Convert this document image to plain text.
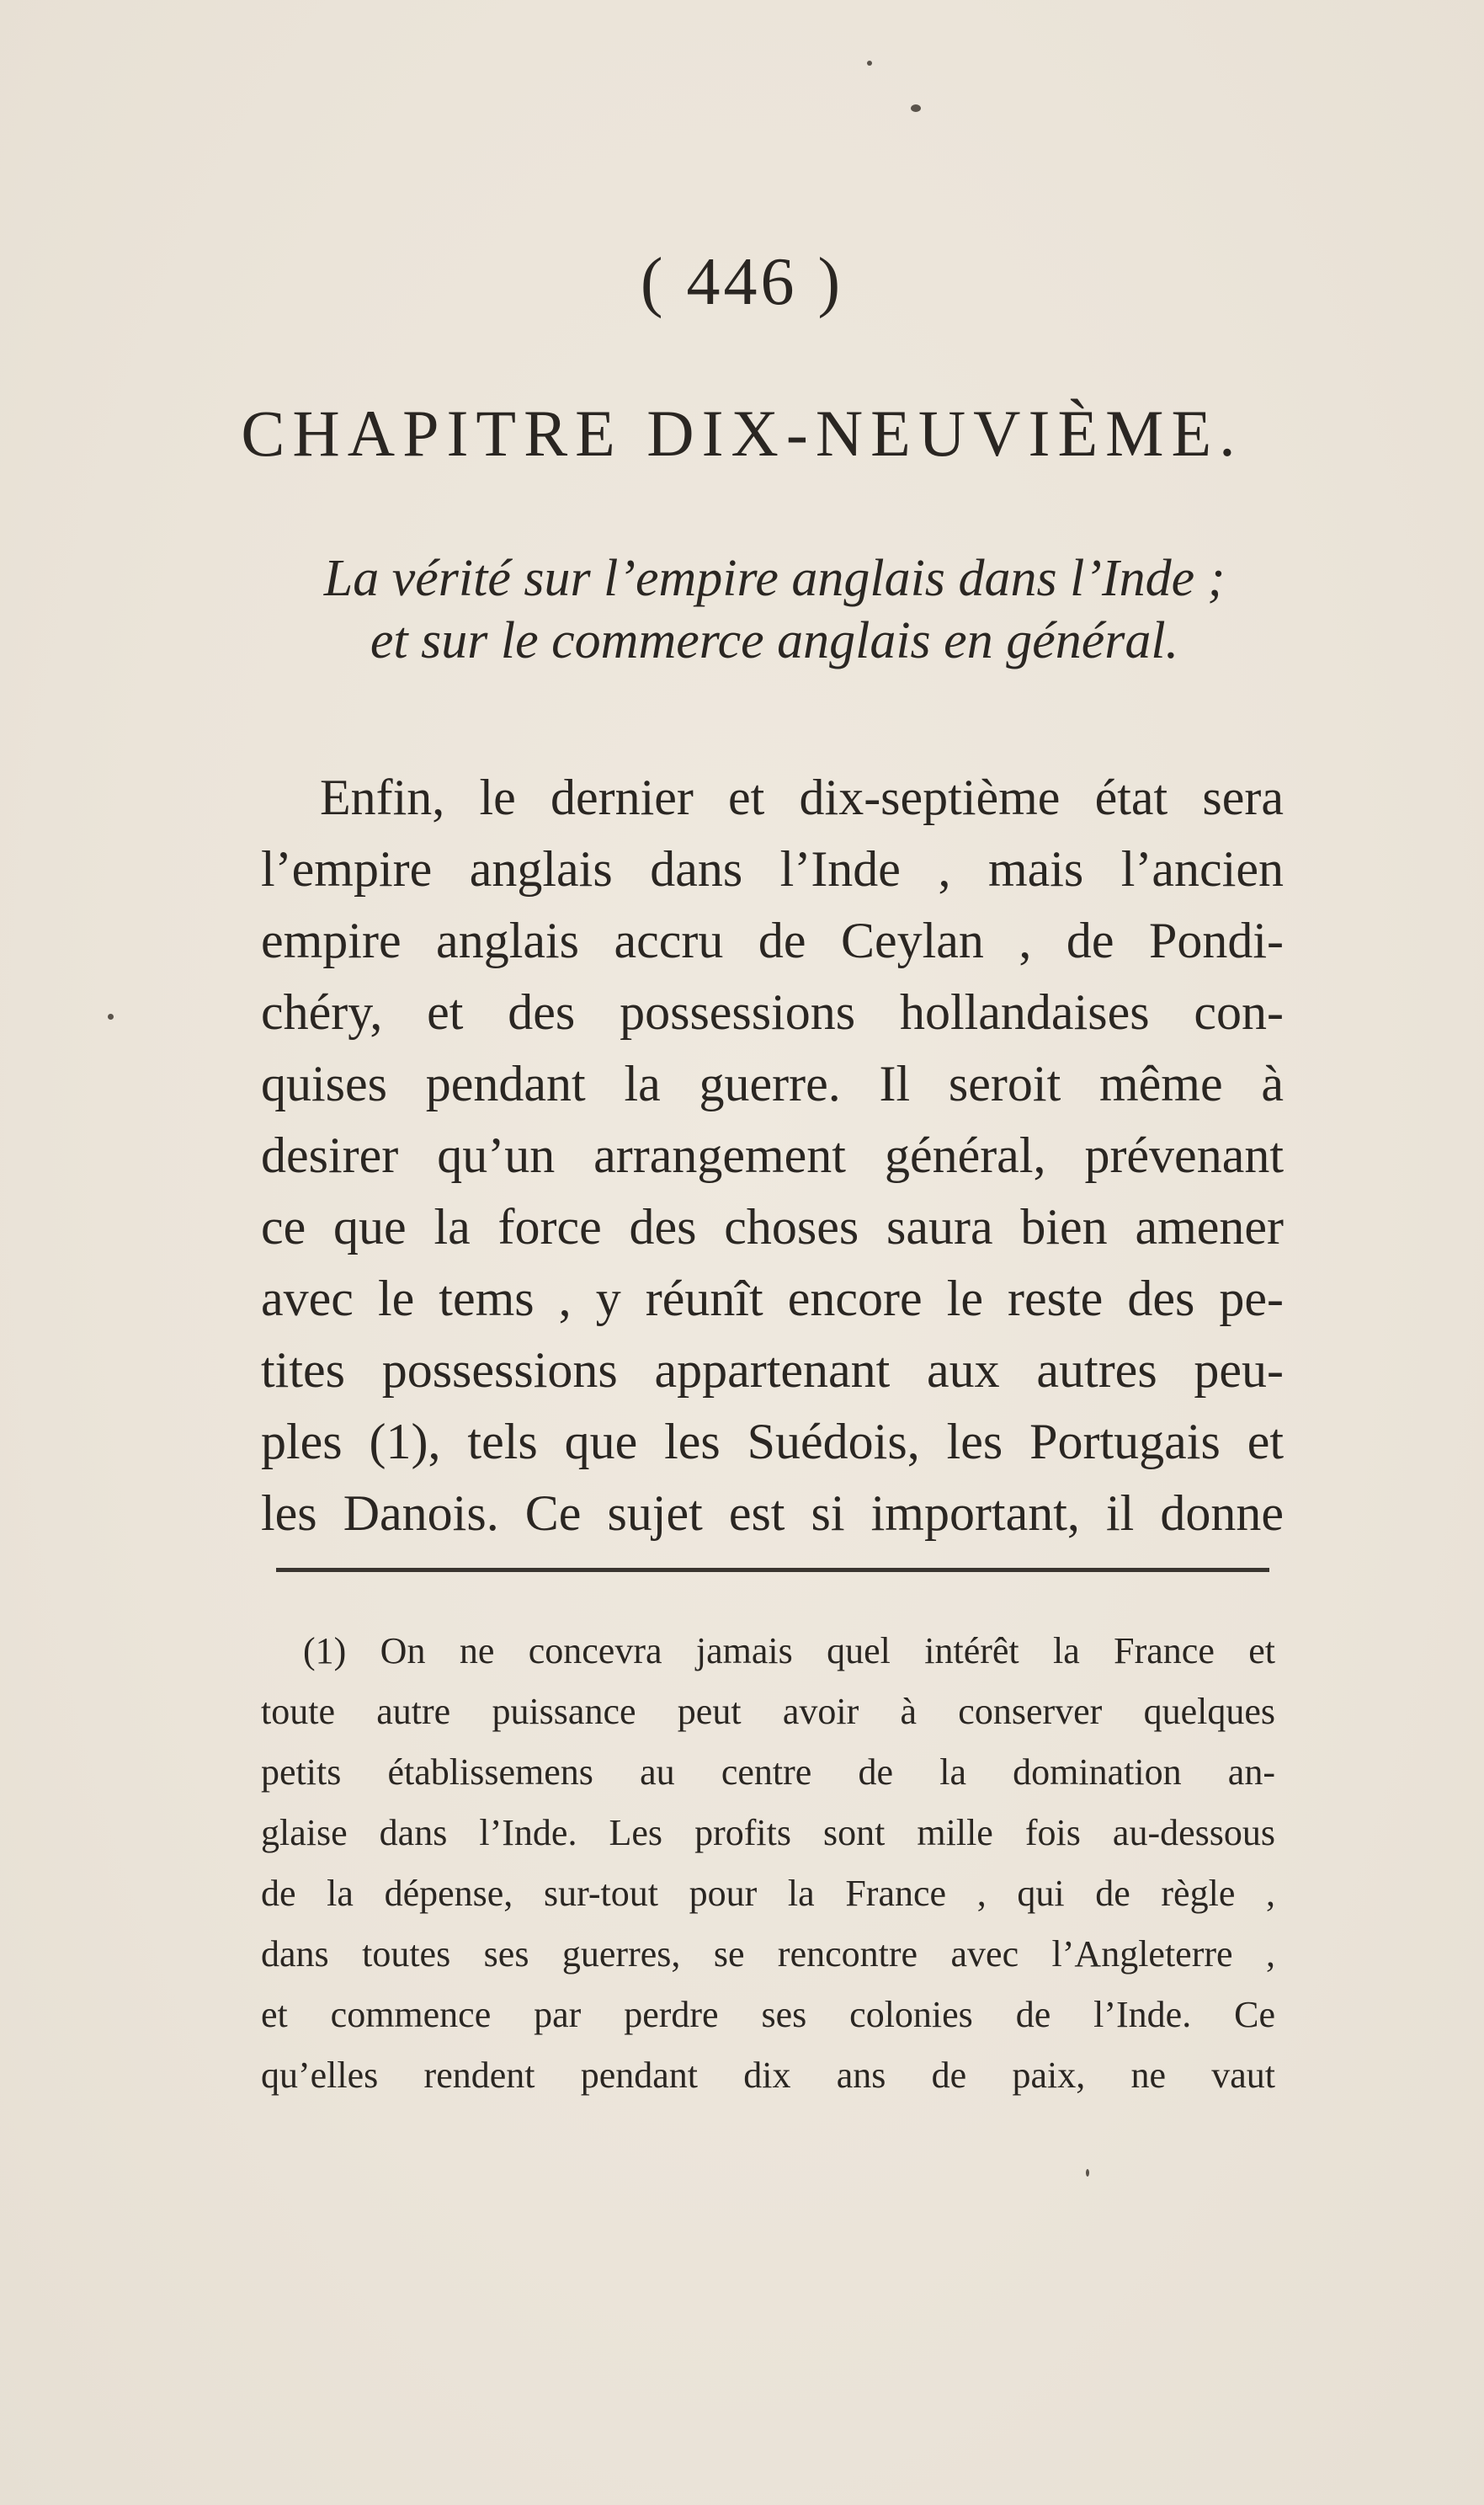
( 446 )
CHAPITRE DIX-NEUVIÈME.
La vérité sur l’empire anglais dans l’Inde ;
et sur le commerce anglais en général.
Enfin, le dernier et dix-septième état sera
l’empire anglais dans l’Inde , mais l’ancien
empire anglais accru de Ceylan , de Pondi-
chéry, et des possessions hollandaises con-
quises pendant la guerre. Il seroit même à
desirer qu’un arrangement général, prévenant
ce que la force des choses saura bien amener
avec le tems , y réunît encore le reste des pe-
tites possessions appartenant aux autres peu-
ples (1), tels que les Suédois, les Portugais et
les Danois. Ce sujet est si important, il donne
(1) On ne concevra jamais quel intérêt la France et
toute autre puissance peut avoir à conserver quelques
petits établissemens au centre de la domination an-
glaise dans l’Inde. Les profits sont mille fois au-dessous
de la dépense, sur-tout pour la France , qui de règle ,
dans toutes ses guerres, se rencontre avec l’Angleterre ,
et commence par perdre ses colonies de l’Inde. Ce
qu’elles rendent pendant dix ans de paix, ne vaut
